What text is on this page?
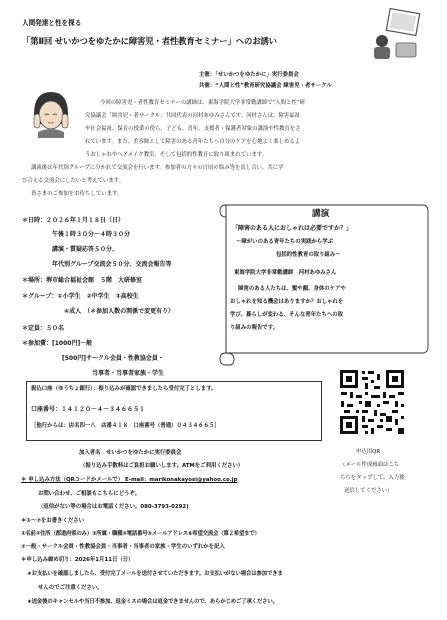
人間発達と性を探る
「第Ⅱ回 せいかつをゆたかに障害児・者性教育セミナー」へのお誘い
主催：「せいかつをゆたかに」実行委員会
共催：“人間と性”教育研究協議会 障害児・者サークル
今回の障害児・者性教育セミナーの講師は、東海学院大学非常勤講師で“人間と性”研
究協議会「障害児・者サークル」共同代表の河村あゆみさんです。河村さんは、障害福祉
や社会福祉、保育の授業の傍ら、子ども、青年、支援者・保護者対象の講演や性教育をさ
れています。また、美容師として障害のある青年たちへ自分のケアを心地よく楽しめるよ
うおしゃれやヘアメイク教室、そして包括的性教育に取り組まれています。
講演後は年代別グループに分かれて交流会を行います。参加者の方々の日頃の悩み等を出し合い、共に学
び合える交流会にしたいと考えています。
皆さまのご参加をお待ちしています。
＊日時：２０２６年１月１８日（日）
午後１時３０分～４時３０分
講演・質疑応答５０分、
年代別グループ交流会５０分、交流会報告等
＊場所：堺市総合福祉会館　５階　大研修室
＊グループ：①小学生　②中学生　③高校生
④成人　（＊参加人数の関係で変更有り）
＊定員：５０名
＊参加費：[1000円]－般
[500円]サークル会員・性教協会員・
当事者・当事者家族・学生
講演
「障害のある人におしゃれは必要ですか？」
～障がいのある青年たちの実践から学ぶ
包括的性教育の取り組み～
東海学院大学非常勤講師　河村あゆみさん
障害のある人たちは、髪や顔、身体のケアや
おしゃれを知る機会はありますか？おしゃれを
学び、暮らしが変わる、そんな青年たちへの取
り組みの報告です。
振込口座（ゆうちょ銀行）：振り込みが確認できましたら受付完了とします。
口座番号：１４１２０－４－３４６６５１
［他行からは：店名四一八　店番４１８　口座番号（普通）０４３４６６５］
申込用QR
（メール作成画面はこち
ちらをタップして、入力後
送信してください）
加入者名　せいかつをゆたかに実行委員会
（振り込み手数料はご負担お願いします。ATMをご利用ください）
＊ 申し込み方法（QRコードかメールで） E-mail：marikonakayosi@yahoo.co.jp
お問い合わせ、ご相談もこちらにどうぞ。
（返信がない等の場合はお電話ください。080-3793-0292)
＊①～⑦をお書きください
①名前②住所（都道府県のみ）③所属・職種④電話番号⑤メールアドレス⑥希望交流会（第２希望まで）
⑦一般・サークル会員・性教協会員・当事者・当事者の家族・学生のいずれかを記入
＊申し込み締め切り：2026年1月11日（日）
★お支払いを確認しましたら、受付完了メールを送付させていただきます。お支払いがない場合は参加できま
せんのでご注意ください。
★送金後のキャンセルや当日不参加、返金ミスの場合は返金できませんので、あらかじめご了承ください。
